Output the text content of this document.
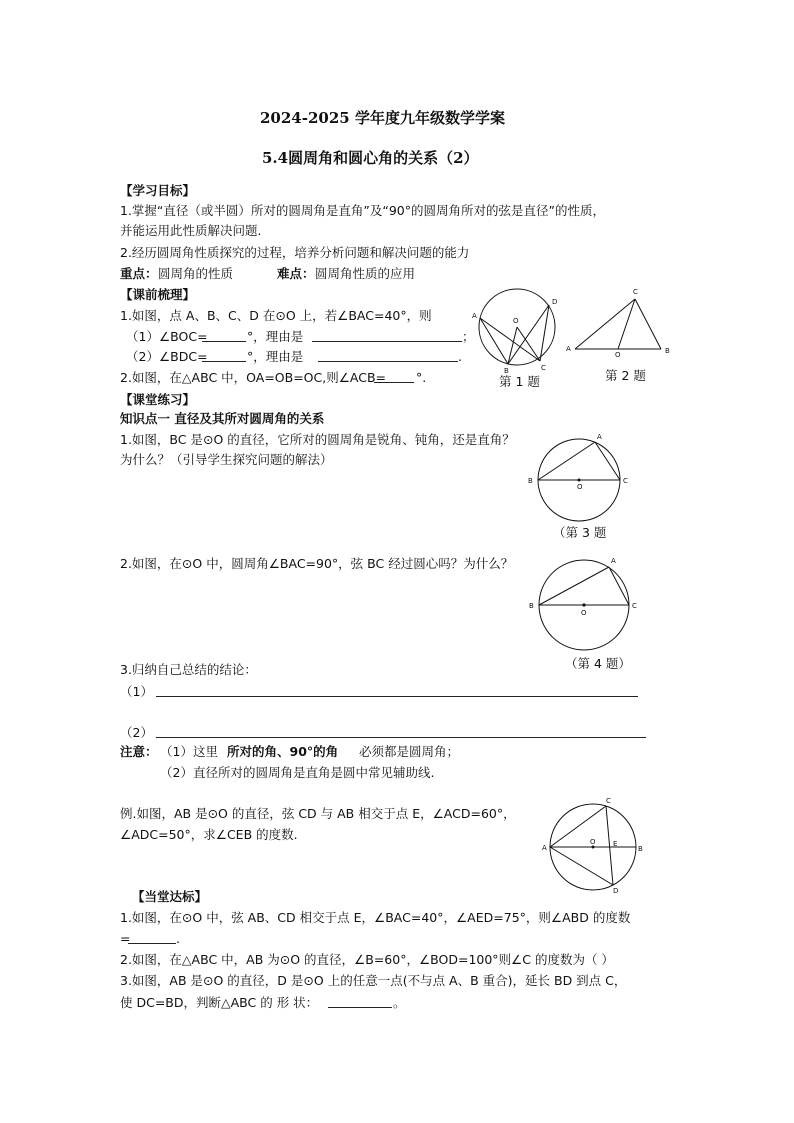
2024-2025 学年度九年级数学学案
5.4圆周角和圆心角的关系（2）
【学习目标】
1.掌握“直径（或半圆）所对的圆周角是直角”及“90°的圆周角所对的弦是直径”的性质，
并能运用此性质解决问题.
2.经历圆周角性质探究的过程，培养分析问题和解决问题的能力
重点： 圆周角的性质	难点： 圆周角性质的应用
【课前梳理】
1.如图，点 A、B、C、D 在⊙O 上，若∠BAC=40°，则
（1）∠BOC=	°，理由是	；
（2）∠BDC=	°，理由是	.
2.如图，在△ABC 中，OA=OB=OC,则∠ACB= °.
A
B	C
D
O
第 1 题
A	B
C
O
第 2 题
【课堂练习】
知识点一 直径及其所对圆周角的关系
1.如图，BC 是⊙O 的直径，它所对的圆周角是锐角、钝角，还是直角？
为什么？（引导学生探究问题的解法）
B	C
A
O
（第 3 题
2.如图，在⊙O 中，圆周角∠BAC=90°，弦 BC 经过圆心吗？为什么？
B	C
A
O
（第 4 题）
3.归纳自己总结的结论：
（1）
（2）
注意： （1）这里 所对的角、90°的角 必须都是圆周角；
（2）直径所对的圆周角是直角是圆中常见辅助线.
例.如图，AB 是⊙O 的直径，弦 CD 与 AB 相交于点 E，∠ACD=60°，
∠ADC=50°，求∠CEB 的度数.
A	B
C
D
E
O
【当堂达标】
1.如图，在⊙O 中，弦 AB、CD 相交于点 E，∠BAC=40°，∠AED=75°，则∠ABD 的度数
=	.
2.如图，在△ABC 中，AB 为⊙O 的直径，∠B=60°，∠BOD=100°则∠C 的度数为（ ）
3.如图，AB 是⊙O 的直径，D 是⊙O 上的任意一点(不与点 A、B 重合)，延长 BD 到点 C，
使 DC=BD，判断△ABC 的 形 状：	。
